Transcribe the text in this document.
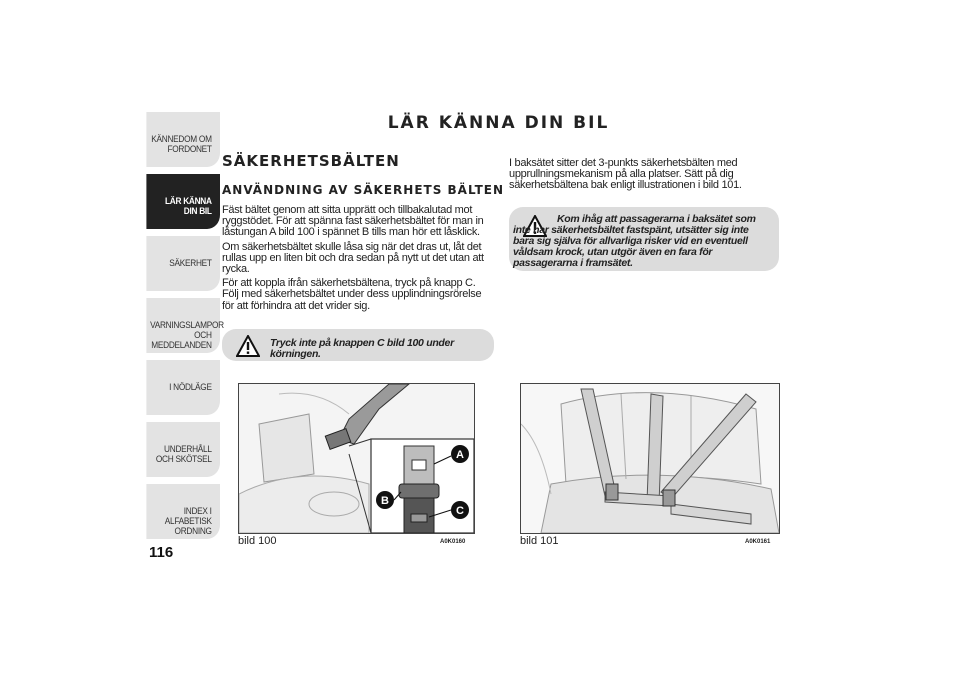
KÄNNEDOM OM FORDONET
LÄR KÄNNA DIN BIL
SÄKERHET
VARNINGSLAMPOR OCH MEDDELANDEN
I NÖDLÄGE
UNDERHÅLL OCH SKÖTSEL
INDEX I ALFABETISK ORDNING
116
LÄR KÄNNA DIN BIL
SÄKERHETSBÄLTEN
ANVÄNDNING AV SÄKERHETS BÄLTEN

Fäst bältet genom att sitta upprätt och tillbakalutad mot ryggstödet. För att spänna fast säkerhetsbältet för man in låstungan A bild 100 i spännet B tills man hör ett låsklick.

Om säkerhetsbältet skulle låsa sig när det dras ut, låt det rullas upp en liten bit och dra sedan på nytt ut det utan att rycka.

För att koppla ifrån säkerhetsbältena, tryck på knapp C. Följ med säkerhetsbältet under dess upplindningsrörelse för att förhindra att det vrider sig.

Tryck inte på knappen C bild 100 under körningen.

I baksätet sitter det 3-punkts säkerhetsbälten med upprullningsmekanism på alla platser. Sätt på dig säkerhetsbältena bak enligt illustrationen i bild 101.

Kom ihåg att passagerarna i baksätet som inte har säkerhetsbältet fastspänt, utsätter sig inte bara sig själva för allvarliga risker vid en eventuell våldsam krock, utan utgör även en fara för passagerarna i framsätet.
A
B
C
bild 100	A0K0160	bild 101	A0K0161
